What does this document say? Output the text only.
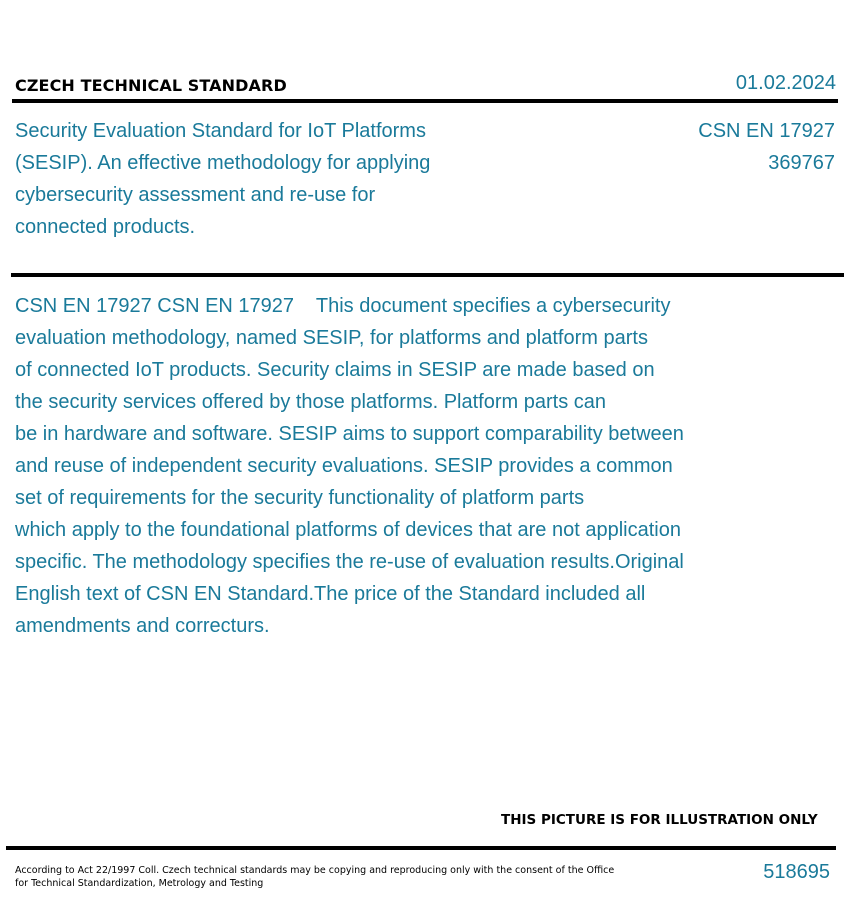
CZECH TECHNICAL STANDARD	01.02.2024
Security Evaluation Standard for IoT Platforms
(SESIP). An effective methodology for applying
cybersecurity assessment and re-use for
connected products.
CSN EN 17927
369767
CSN EN 17927 CSN EN 17927    This document specifies a cybersecurity
evaluation methodology, named SESIP, for platforms and platform parts
of connected IoT products. Security claims in SESIP are made based on
the security services offered by those platforms. Platform parts can
be in hardware and software. SESIP aims to support comparability between
and reuse of independent security evaluations. SESIP provides a common
set of requirements for the security functionality of platform parts
which apply to the foundational platforms of devices that are not application
specific. The methodology specifies the re-use of evaluation results.Original
English text of CSN EN Standard.The price of the Standard included all
amendments and correcturs.
THIS PICTURE IS FOR ILLUSTRATION ONLY
According to Act 22/1997 Coll. Czech technical standards may be copying and reproducing only with the consent of the Office
for Technical Standardization, Metrology and Testing
518695
